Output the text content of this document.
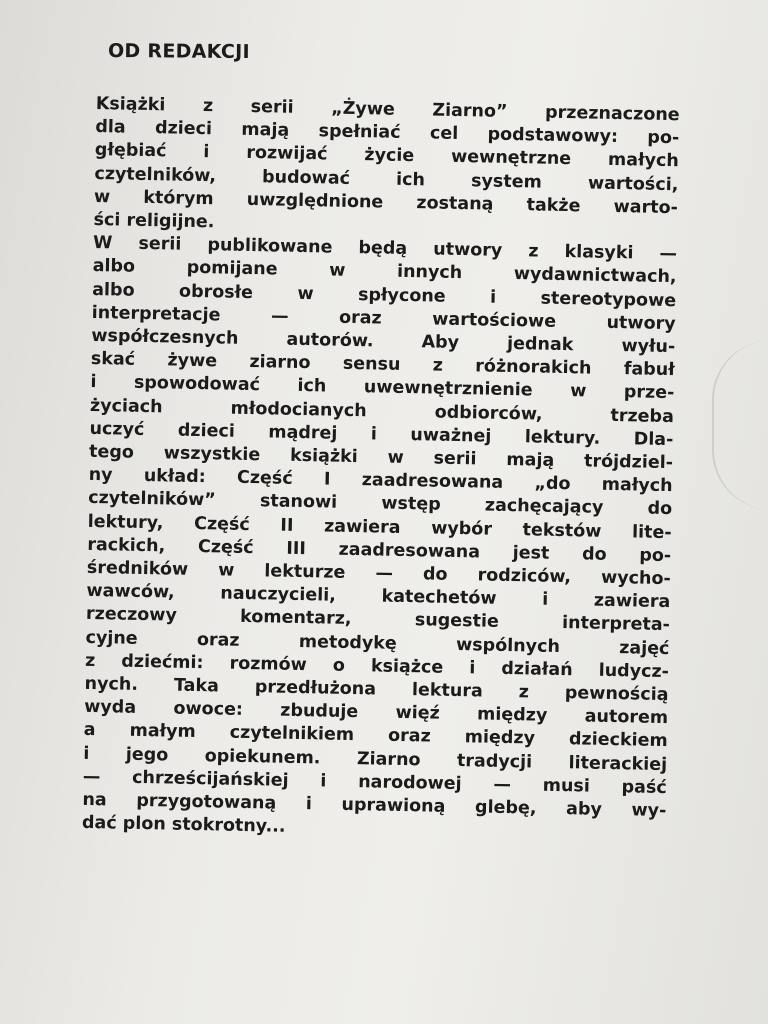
OD REDAKCJI
Książki z serii „Żywe Ziarno” przeznaczone
dla dzieci mają spełniać cel podstawowy: po-
głębiać i rozwijać życie wewnętrzne małych
czytelników,	budować	ich	system	wartości,
w którym uwzględnione zostaną także warto-
ści religijne.
W serii publikowane będą utwory z klasyki —
albo	pomijane	w	innych	wydawnictwach,
albo	obrosłe	w	spłycone	i	stereotypowe
interpretacje	—	oraz	wartościowe	utwory
współczesnych	autorów.	Aby	jednak	wyłu-
skać żywe ziarno sensu z różnorakich fabuł
i spowodować ich uwewnętrznienie w prze-
życiach	młodocianych	odbiorców,	trzeba
uczyć dzieci mądrej i uważnej lektury. Dla-
tego wszystkie książki w serii mają trójdziel-
ny układ: Część I zaadresowana „do małych
czytelników”	stanowi	wstęp	zachęcający	do
lektury, Część II zawiera wybór tekstów lite-
rackich, Część III zaadresowana jest do po-
średników w lekturze — do rodziców, wycho-
wawców,	nauczycieli,	katechetów	i	zawiera
rzeczowy	komentarz,	sugestie	interpreta-
cyjne	oraz	metodykę	wspólnych	zajęć
z dziećmi: rozmów o książce i działań ludycz-
nych. Taka przedłużona lektura z pewnością
wyda owoce: zbuduje więź między autorem
a małym czytelnikiem oraz między dzieckiem
i jego opiekunem. Ziarno tradycji literackiej
— chrześcijańskiej i narodowej — musi paść
na przygotowaną i uprawioną glebę, aby wy-
dać plon stokrotny...
